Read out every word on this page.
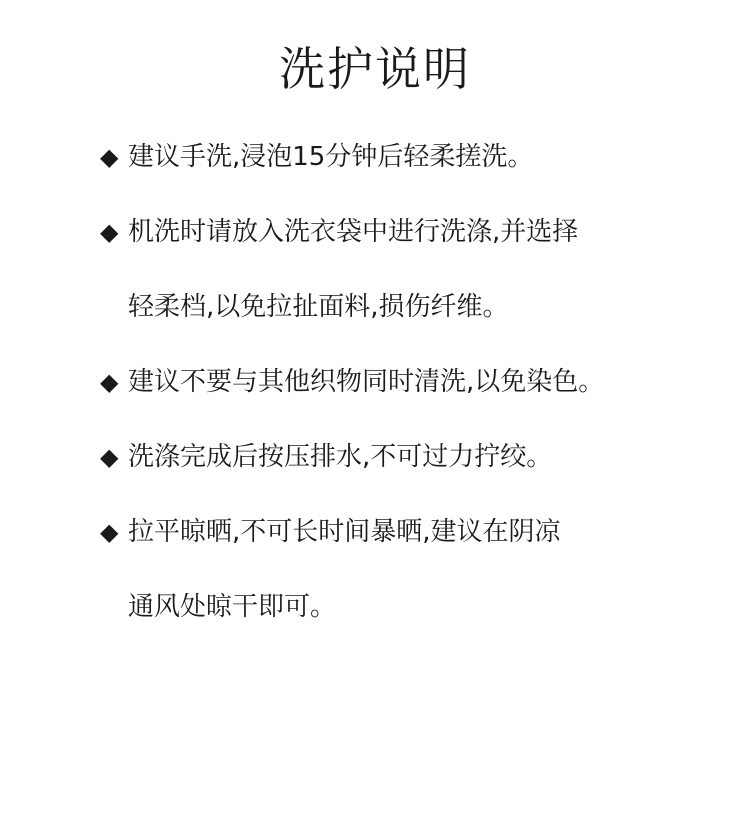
洗护说明
◆ 建议手洗,浸泡15分钟后轻柔搓洗。
◆ 机洗时请放入洗衣袋中进行洗涤,并选择
轻柔档,以免拉扯面料,损伤纤维。
◆ 建议不要与其他织物同时清洗,以免染色。
◆ 洗涤完成后按压排水,不可过力拧绞。
◆ 拉平晾晒,不可长时间暴晒,建议在阴凉
通风处晾干即可。
